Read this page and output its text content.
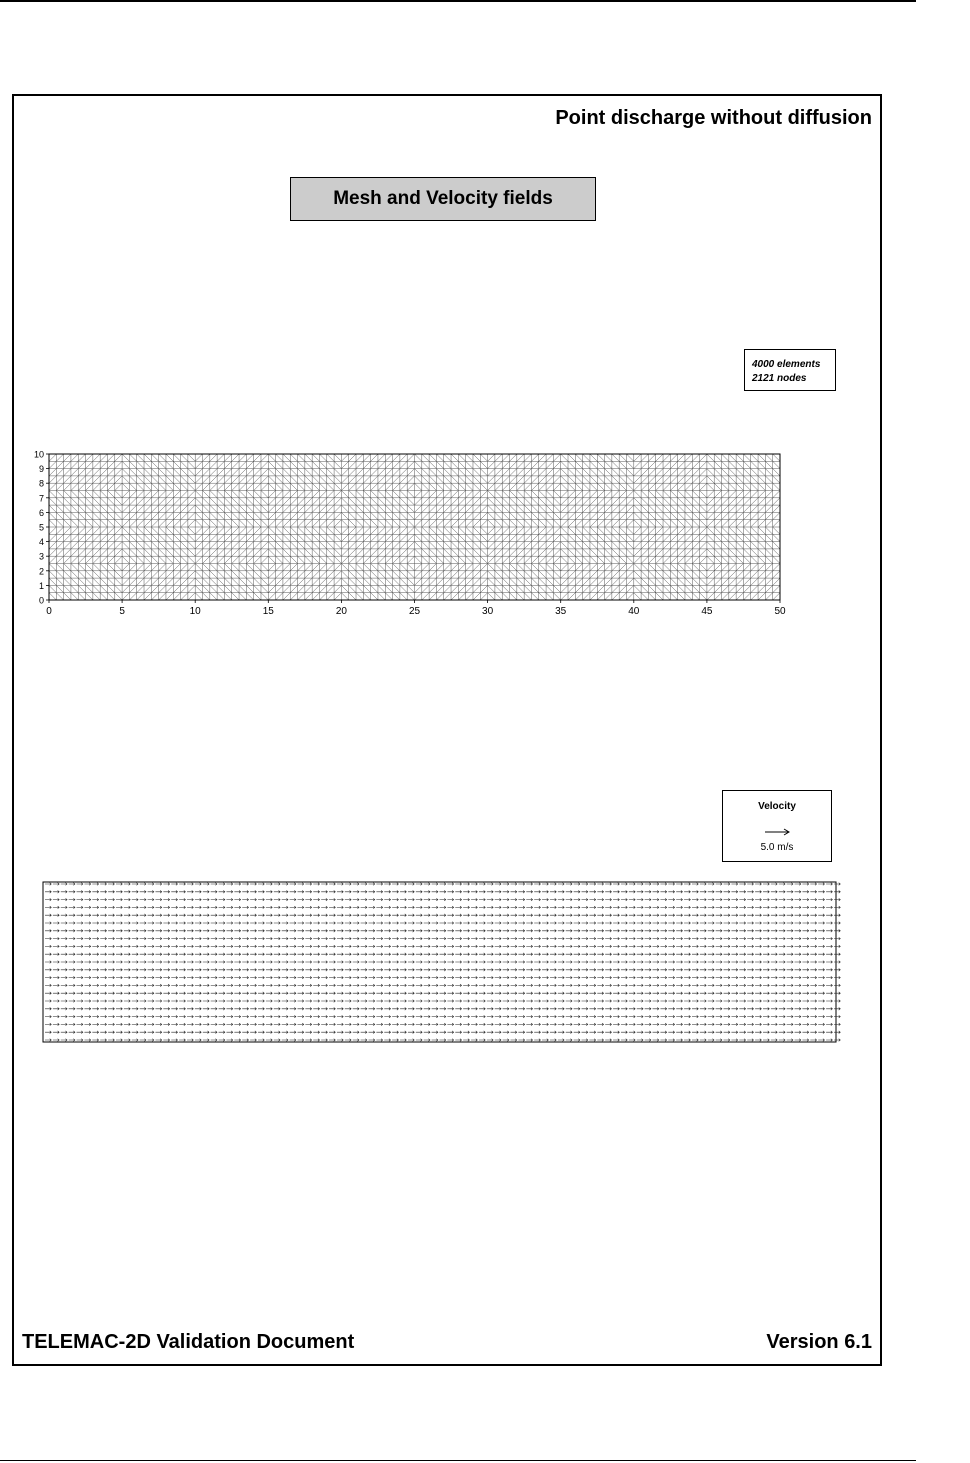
Point discharge without diffusion
Mesh and Velocity fields
4000 elements
2121 nodes
0	5	10	15	20	25	30	35	40	45	50
0
1
2
3
4
5
6
7
8
9
10
Velocity
5.0 m/s
TELEMAC-2D Validation Document	Version 6.1
